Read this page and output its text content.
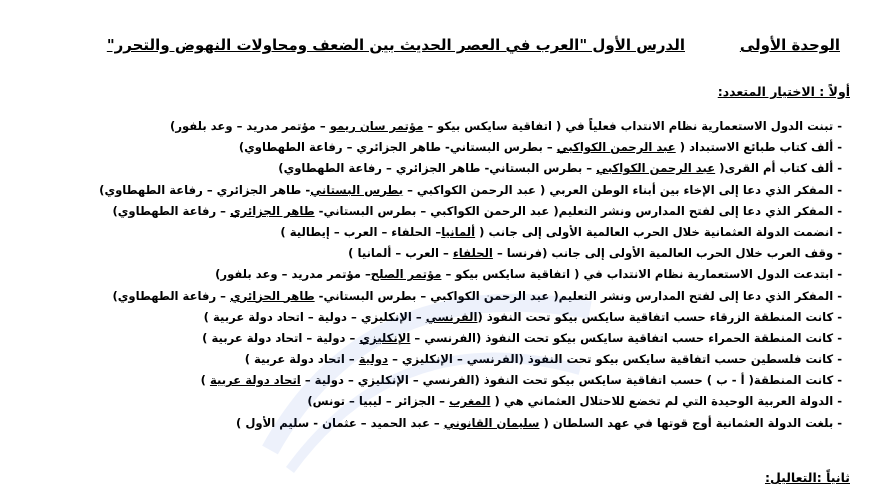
الوحدة الأولى
الدرس الأول "العرب في العصر الحديث بين الضعف ومحاولات النهوض والتحرر"
أولاً : الاختيار المتعدد:
-
تبنت الدول الاستعمارية نظام الانتداب فعلياً في ( اتفاقية سايكس بيكو – مؤتمر سان ريمو – مؤتمر مدريد – وعد بلفور)
-
ألف كتاب طبائع الاستبداد ( عبد الرحمن الكواكبي – بطرس البستاني- طاهر الجزائري – رفاعة الطهطاوي)
-
ألف كتاب أم القرى( عبد الرحمن الكواكبي – بطرس البستاني- طاهر الجزائري – رفاعة الطهطاوي)
-
المفكر الذي دعا إلى الإخاء بين أبناء الوطن العربي ( عبد الرحمن الكواكبي – بطرس البستاني- طاهر الجزائري – رفاعة الطهطاوي)
-
المفكر الذي دعا إلى لفتح المدارس ونشر التعليم( عبد الرحمن الكواكبي – بطرس البستاني- طاهر الجزائري – رفاعة الطهطاوي)
-
انضمت الدولة العثمانية خلال الحرب العالمية الأولى إلى جانب ( ألمانيا– الحلفاء – العرب – إيطالية )
-
وقف العرب خلال الحرب العالمية الأولى إلى جانب (فرنسا – الحلفاء – العرب – ألمانيا )
-
ابتدعت الدول الاستعمارية نظام الانتداب في ( اتفاقية سايكس بيكو – مؤتمر الصلح– مؤتمر مدريد – وعد بلفور)
-
المفكر الذي دعا إلى لفتح المدارس ونشر التعليم( عبد الرحمن الكواكبي – بطرس البستاني- طاهر الجزائري – رفاعة الطهطاوي)
-
كانت المنطقة الزرقاء حسب اتفاقية سايكس بيكو تحت النفوذ (الفرنسي – الإنكليزي – دولية – اتحاد دولة عربية )
-
كانت المنطقة الحمراء حسب اتفاقية سايكس بيكو تحت النفوذ (الفرنسي – الإنكليزي – دولية – اتحاد دولة عربية )
-
كانت فلسطين حسب اتفاقية سايكس بيكو تحت النفوذ (الفرنسي – الإنكليزي – دولية – اتحاد دولة عربية )
-
كانت المنطقة( أ - ب ) حسب اتفاقية سايكس بيكو تحت النفوذ (الفرنسي – الإنكليزي – دولية – اتحاد دولة عربية )
-
الدولة العربية الوحيدة التي لم تخضع للاحتلال العثماني هي ( المغرب – الجزائر – ليبيا – تونس)
-
بلغت الدولة العثمانية أوج قوتها في عهد السلطان ( سليمان القانوني – عبد الحميد – عثمان - سليم الأول )
ثانياً :التعاليل:
